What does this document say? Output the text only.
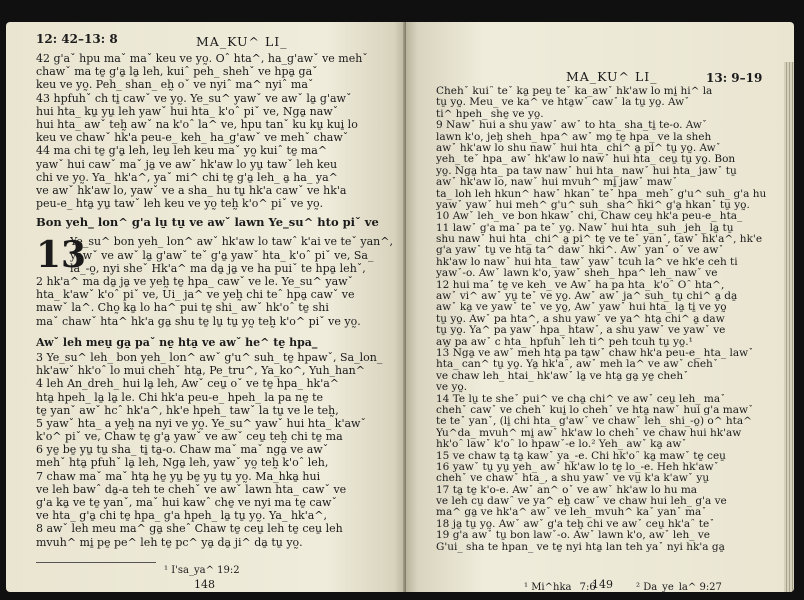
12: 42–13: 8	MA_KU^ LI_
42 g'aˇ hpu maˇ maˇ keu ve yo̰. Oˆ hta^, ha_g'awˇ ve mehˇ
chawˇ ma te̱ g'a̱ la̱ leh, kuiˆ peh_ shehˇ ve hpa̱ gaˇ
keu ve yo̰. Peh_ shan_ eh̰ oˇ ve nyiˆ ma^ nyiˆ maˇ
43 hpfuhˇ ch ti̱ cawˇ ve yo̰. Ye_su^ yawˇ ve awˇ la̱ g'awˇ
hui hta_ ku̱ yu̱ leh yawˇ hui hta_ k'oˆ piˇ ve, Nga̱ nawˇ
hui hta_ awˇ teh̰ awˇ na k'oˆ la^ ve, hpu tanˇ ku ku̱ kui̱ lo
keu ve chawˇ hk'a peu-e_ keh_ ha_g'awˇ ve mehˇ chawˇ
44 ma chi te̱ g'a̱ leh, leu̱ leh keu maˇ yo̰ kuiˆ te̱ ma^
yawˇ hui cawˇ maˇ ja̱ ve awˇ hk'aw lo yu̱ tawˇ leh keu
chi ve yo̰. Ya_ hk'a^, yaˇ mi^ chi te̱ g'a̱ leh_ a̱ ha_ ya^
ve awˇ hk'aw lo, yawˇ ve a sha_ hu tu̱ hk'a cawˇ ve hk'a
peu-e_ hta̱ yu̱ tawˇ leh keu ve yo̰ teh̰ k'o^ piˇ ve yo̰.
Bon yeh_ lon^ g'a lu̱ tu̱ ve awˇ lawn Ye_su^ hto piˇ ve
13
Ye_su^ bon yeh_ lon^ awˇ hk'aw lo tawˆ k'ai ve teˇ yan^,
yawˇ ve awˇ la̱ g'awˇ teˇ g'a̱ yawˇ hta_ k'oˆ piˇ ve, Sa_
la_-o̰, nyi sheˇ Hk'a^ ma da̱ ja̱ ve ha puiˇ te hpa̱ lehˇ,
2 hk'a^ ma da̱ ja̱ ve yeh̰ te̱ hpa_ cawˇ ve le. Ye_su^ yawˇ
hta_ k'awˇ k'oˆ piˇ ve, Ui_ ja^ ve yeh̰ chi teˆ hpa̱ cawˇ ve
mawˇ la^. Cho̰ ka̱ lo ha^ pui te̱ shi_ awˇ hk'oˆ te̱ shi
maˇ chawˇ hta^ hk'a ga̱ shu te̱ lu̱ tu̱ yo̰ teh̰ k'o^ piˇ ve yo̰.
Awˇ leh meu̱ ga̱ paˇ ne̱ hta̱ ve awˇ he^ te̱ hpa_
3 Ye_su^ leh_ bon yeh_ lon^ awˇ g'u^ suh_ te̱ hpawˇ, Sa_lon_
hk'awˇ hk'oˆ lo mui chehˇ hta̱, Pe_tru^, Ya_ko^, Yuh_han^
4 leh An_dreh_ hui la̱ leh, Awˇ ceu̱ oˇ ve te̱ hpa_ hk'a^
hta̱ hpeh_ la̱ la̱ le. Chi hk'a peu-e_ hpeh_ la pa ne̱ te
te̱ yanˇ awˇ hcˆ hk'a^, hk'e hpeh_ tawˇ la tu̱ ve le teh̰,
5 yawˇ hta_ a yeh̰ na nyi ve yo̰. Ye_su^ yawˇ hui hta_ k'awˇ
k'o^ piˇ ve, Chaw te̱ g'a̱ yawˇ ve awˇ ceu̱ teh̰ chi te̱ ma
6 ye̱ be̱ yu̱ tu̱ sha_ ti̱ ta̱-o. Chaw maˇ maˇ nga̱ ve awˇ
mehˇ hta̱ pfuhˇ la̱ leh, Nga̱ leh, yawˇ yo̰ teh̰ k'oˆ leh,
7 chaw maˇ maˇ hta̱ he̱ yu̱ be̱ yu̱ tu̱ yo̰. Ma_hka̱ hui
ve leh bawˆ da̱-a teh te chehˇ ve awˇ lawn hta_ cawˇ ve
g'a ka̱ ve te̱ yanˇ, maˇ hui kawˆ che̱ ve nyi ma te̱ cawˇ
ve hta_ g'a̱ chi te̱ hpa_ g'a hpeh_ la̱ tu̱ yo̰. Ya_ hk'a^,
8 awˇ leh meu ma^ ga̱ sheˆ Chaw te̱ ceu̱ leh te̱ ceu̱ leh
mvuh^ mi̱ pe̱ pe^ leh te̱ pc^ ya̱ da̱ ji^ da̱ tu̱ yo̰.
¹ I'sa_ya^ 19:2
148
MA_KU^ LI_	13: 9–19
Chehˇ kuiˆ teˇ ka̱ peu̱ teˇ ka_awˇ hk'aw lo mi̱ hi^ la
tu̱ yo̰. Meu_ ve ka^ ve hta̱wˇ cawˇ la tu̱ yo̰. Awˇ
ti^ hpeh_ she̱ ve yo̰.
9 Nawˇ hui a shu yawˇ awˇ to hta_ sha_ti̱ te-o. Awˇ
lawn k'o, jeh̰ sheh_ hpa^ awˇ mo̱ te̱ hpa_ ve la sheh
awˇ hk'aw lo shu nawˇ hui hta_ chi^ a̱ pi^ tu̱ yo̰. Awˇ
yeh_ teˇ hpa_ awˇ hk'aw lo nawˇ hui hta_ ceu̱ tu̱ yo̰. Bon
yo̰. Nga̱ hta_ pa taw nawˇ hui hta_ nawˇ hui hta_ jawˇ tu̱
awˇ hk'aw lo, nawˇ hui mvuh^ mi̱ jawˇ mawˇ
ta_ loh leh hkun^ hawˇ hkanˇ teˇ hpa_ mehˇ g'u^ suh_ g'a hu
yawˇ yawˇ hui meh^ g'u^ suh_ sha^ hki^ g'a̱ hkanˇ tu̱ yo̰.
10 Awˇ leh_ ve bon hkawˇ chi, Chaw ceu̱ hk'a peu-e_ hta_
11 lawˇ g'a maˇ pa teˇ yo̰. Nawˇ hui hta_ suh_ jeh_ la̱ tu̱
shu nawˇ hui hta_ chi^ a̱ pi^ te̱ ve teˇ yanˇ, tawˇ hk'a^, hk'e
g'a yawˇ tu̱ ve hta̱ ta^ dawˇ hki^. Awˇ yanˇ oˇ ve awˇ
hk'aw lo nawˇ hui hta_ tawˇ yawˇ tcuh la^ ve hk'e ceh ti
yawˇ-o. Awˇ lawn k'o, yawˇ sheh_ hpa^ leh_ nawˇ ve
12 hui maˇ te̱ ve keh_ ve Awˇ ha pa hta_ k'oˆ Oˆ hta^,
awˇ vi^ awˇ yu̱ teˇ ve yo̰. Awˇ awˇ ja^ suh_ tu̱ chi^ a̱ da̱
awˇ ka̱ ve yawˇ teˇ ve yo̰, Awˇ yawˇ hui hta_ la̱ ti̱ ve yo̰
tu̱ yo̰. Awˇ pa hta^, a shu yawˇ ve ya^ hta̱ chi^ a̱ daw
tu̱ yo̰. Ya^ pa yawˇ hpa_ htawˇ, a shu yawˇ ve yawˇ ve
aw̱ pa awˇ c hta_ hpfuhˇ leh ti^ peh tcuh tu̱ yo̰.¹
13 Nga̱ ve awˇ meh hta̱ pa ta̱wˇ chaw hk'a peu-e_ hta_ lawˇ
hta_ can^ tu̱ yo̰. Ya̱ hk'aˆ, awˇ meh la^ ve awˇ chehˇ
ve chaw leh_ htai_ hk'awˇ la̱ ve hta̱ ga̱ ye̱ chehˇ
ve yo̰.
14 Te lu̱ te sheˇ pui^ ve cha̱ chi^ ve awˇ ceu̱ leh_ maˇ
chehˇ cawˇ ve chehˇ kui̱ lo chehˇ ve hta̱ nawˇ hui g'a mawˇ
te teˇ yanˇ, (li̱ chi hta_ g'awˇ ve chawˇ leh_ shi_-o̰) o^ hta^
Yu^da_ mvuh^ mi̱ awˇ hk'aw lo chehˇ ve chaw hui hk'aw
hk'oˆ lawˇ k'oˆ lo hpawˇ-e lo.² Yeh_ awˇ ka̱ awˇ
15 ve chaw ta̱ ta̱ kawˇ ya_-e. Chi hk'oˆ ka̱ mawˇ te̱ ceu̱
16 yawˇ tu̱ yu̱ yeh_ awˇ hk'aw lo te̱ lo_-e. Heh hk'awˇ
chehˇ ve chawˇ hta_, a shu yawˇ ve vu̱ k'a k'awˇ yu̱
17 ta̱ te̱ k'o-e. Awˇ an^ oˇ ve awˇ hk'aw lo hu ma
ve leh cu̱ dawˆ ve ya^ eh̰ cawˇ ve chaw hui leh_ g'a ve
ma^ ga̱ ve hk'a^ awˇ ve leh_ mvuh^ kaˇ yanˇ maˇ
18 ja̱ tu̱ yo̰. Awˇ awˇ g'a teh̰ chi ve awˇ ceu̱ hk'aˆ teˇ
19 g'a awˇ tu̱ bon lawˇ-o. Awˇ lawn k'o, awˇ leh_ ve
G'ui_ sha te hpan_ ve te̱ nyi hta̱ lan teh yaˇ nyi hk'a ga̱
¹ Mi^hka_ 7:6	² Da_ye_la^ 9:27
149
